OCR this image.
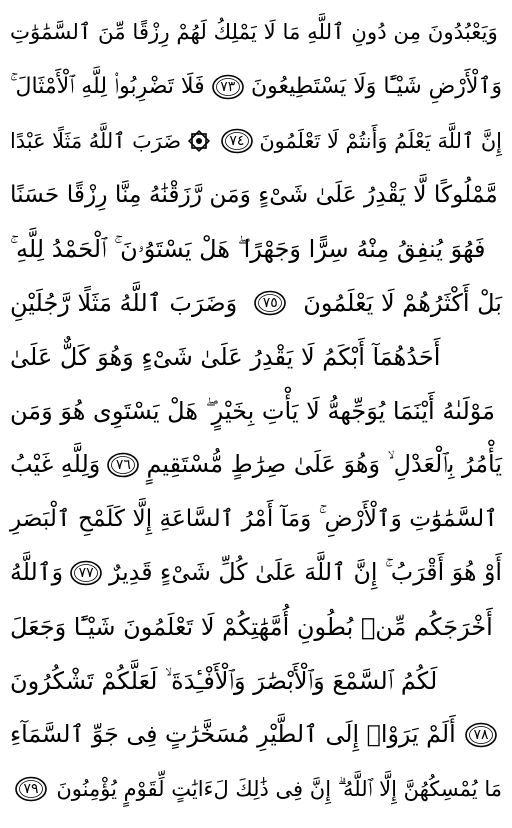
وَيَعْبُدُونَ مِن دُونِ ٱللَّهِ مَا لَا يَمْلِكُ لَهُمْ رِزْقًا مِّنَ ٱلسَّمَٰوَٰتِ
فَلَا تَضْرِبُوا۟ لِلَّهِ ٱلْأَمْثَالَ ۚ ٧٣ وَٱلْأَرْضِ شَيْـًٔا وَلَا يَسْتَطِيعُونَ
ضَرَبَ ٱللَّهُ مَثَلًا عَبْدًا	٧٤ إِنَّ ٱللَّهَ يَعْلَمُ وَأَنتُمْ لَا تَعْلَمُونَ
مَّمْلُوكًا لَّا يَقْدِرُ عَلَىٰ شَىْءٍ وَمَن رَّزَقْنَٰهُ مِنَّا رِزْقًا حَسَنًا
فَهُوَ يُنفِقُ مِنْهُ سِرًّا وَجَهْرًا ۖ هَلْ يَسْتَوُۥنَ ۚ ٱلْحَمْدُ لِلَّهِ ۚ
وَضَرَبَ ٱللَّهُ مَثَلًا رَّجُلَيْنِ ٧٥ بَلْ أَكْثَرُهُمْ لَا يَعْلَمُونَ
أَحَدُهُمَآ أَبْكَمُ لَا يَقْدِرُ عَلَىٰ شَىْءٍ وَهُوَ كَلٌّ عَلَىٰ
مَوْلَىٰهُ أَيْنَمَا يُوَجِّههُّ لَا يَأْتِ بِخَيْرٍ ۖ هَلْ يَسْتَوِى هُوَ وَمَن
وَلِلَّهِ غَيْبُ ٧٦ يَأْمُرُ بِٱلْعَدْلِ ۙ وَهُوَ عَلَىٰ صِرَٰطٍ مُّسْتَقِيمٍ
ٱلسَّمَٰوَٰتِ وَٱلْأَرْضِ ۚ وَمَآ أَمْرُ ٱلسَّاعَةِ إِلَّا كَلَمْحِ ٱلْبَصَرِ
وَٱللَّهُ ٧٧ أَوْ هُوَ أَقْرَبُ ۚ إِنَّ ٱللَّهَ عَلَىٰ كُلِّ شَىْءٍ قَدِيرٌ
أَخْرَجَكُم مِّنۢ بُطُونِ أُمَّهَٰتِكُمْ لَا تَعْلَمُونَ شَيْـًٔا وَجَعَلَ
لَكُمُ ٱلسَّمْعَ وَٱلْأَبْصَٰرَ وَٱلْأَفْـِٔدَةَ ۙ لَعَلَّكُمْ تَشْكُرُونَ
أَلَمْ يَرَوْا۟ إِلَى ٱلطَّيْرِ مُسَخَّرَٰتٍ فِى جَوِّ ٱلسَّمَآءِ ٧٨
٧٩ مَا يُمْسِكُهُنَّ إِلَّا ٱللَّهُ ۗ إِنَّ فِى ذَٰلِكَ لَءَايَٰتٍ لِّقَوْمٍ يُؤْمِنُونَ
